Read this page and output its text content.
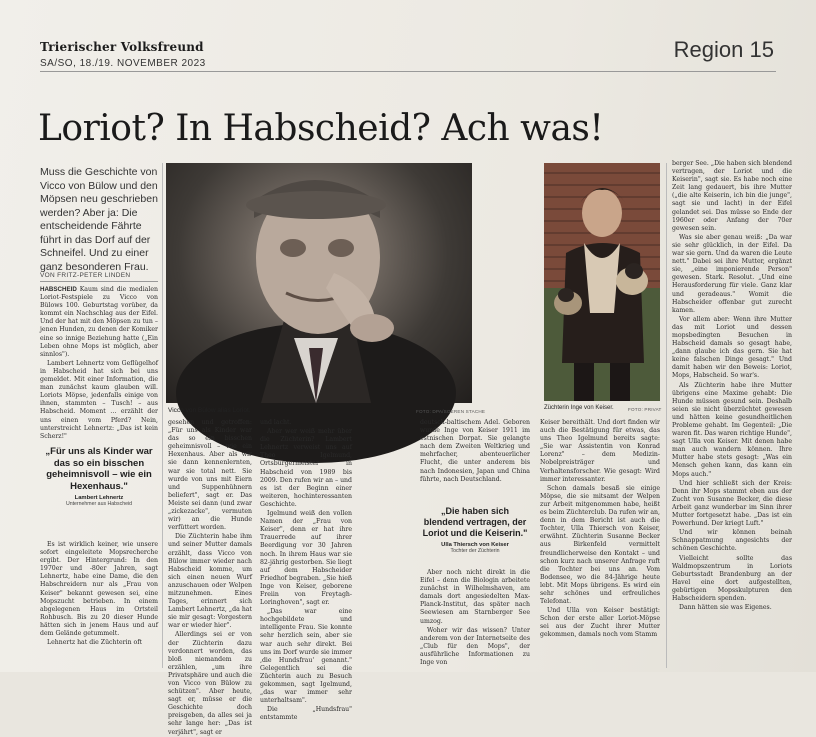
Trierischer Volksfreund
SA/SO, 18./19. NOVEMBER 2023
Region 15
Loriot? In Habscheid? Ach was!
Muss die Geschichte von Vicco von Bülow und den Möpsen neu geschrieben werden? Aber ja: Die entscheidende Fährte führt in das Dorf auf der Schneifel. Und zu einer ganz besonderen Frau.
VON FRITZ-PETER LINDEN

HABSCHEID Kaum sind die medialen Loriot-Festspiele zu Vicco von Bülows 100. Geburtstag vorüber, da kommt ein Nachschlag aus der Eifel. Und der hat mit den Möpsen zu tun – jenen Hunden, zu denen der Komiker eine so innige Beziehung hatte („Ein Leben ohne Mops ist möglich, aber sinnlos").

Lambert Lehnertz vom Geflügelhof in Habscheid hat sich bei uns gemeldet. Mit einer Information, die man zunächst kaum glauben will. Loriots Möpse, jedenfalls einige von ihnen, stammten – Tusch! – aus Habscheid. Moment … erzählt der uns einen vom Pferd? Nein, unterstreicht Lehnertz: „Das ist kein Scherz!"

„Für uns als Kinder war das so ein bisschen geheimnisvoll – wie ein Hexenhaus."
Lambert Lehnertz
Unternehmer aus Habscheid

Es ist wirklich keiner, wie unsere sofort eingeleitete Mopsrecherche ergibt. Der Hintergrund: In den 1970er und -80er Jahren, sagt Lehnertz, habe eine Dame, die den Habschreidern nur als „Frau von Keiser" bekannt gewesen sei, eine Mopszucht betrieben. In einem abgelegenen Haus im Ortsteil Rohbusch. Bis zu 20 dieser Hunde hätten sich in jenem Haus und auf dem Gelände getummelt.

Lehnertz hat die Züchterin oft

Vicco von Bülow alias Loriot.	FOTO: DPA/SOEREN STACHE

gesehen und getroffen: „Für uns als Kinder war das so ein bisschen geheimnisvoll – wie ein Hexenhaus. Aber als wir sie dann kennenlernten, war sie total nett. Sie wurde von uns mit Eiern und Suppenhühnern beliefert", sagt er. Das Meiste sei dann (und zwar „zickezacke", vermuten wir) an die Hunde verfüttert worden.

Die Züchterin habe ihm und seiner Mutter damals erzählt, dass Vicco von Bülow immer wieder nach Habscheid komme, um sich einen neuen Wurf anzuschauen oder Welpen mitzunehmen. Eines Tages, erinnert sich Lambert Lehnertz, „da hat sie mir gesagt: Vorgestern war er wieder hier".

Allerdings sei er von der Züchterin dazu verdonnert worden, das bloß niemandem zu erzählen, „um ihre Privatsphäre und auch die von Vicco von Bülow zu schützen". Aber heute, sagt er, müsse er die Geschichte doch preisgeben, da alles sei ja sehr lange her: „Das ist verjährt", sagt er

und lacht.

Aber wer weiß mehr über die Züchterin? Lambert Lehnertz verweist uns auf Theo Igelmund, Ortsbürgermeister in Habscheid von 1989 bis 2009. Den rufen wir an – und es ist der Beginn einer weiteren, hochinteressanten Geschichte.

Igelmund weiß den vollen Namen der „Frau von Keiser", denn er hat ihre Trauerrede auf ihrer Beerdigung vor 30 Jahren noch. In ihrem Haus war sie 82-jährig gestorben. Sie liegt auf dem Habscheider Friedhof begraben. „Sie hieß Inge von Keiser, geborene Freiin von Freytagh-Loringhoven", sagt er.

„Das war eine hochgebildete und intelligente Frau. Sie konnte sehr herzlich sein, aber sie war auch sehr direkt. Bei uns im Dorf wurde sie immer ‚die Hundsfrau' genannt." Gelegentlich sei die Züchterin auch zu Besuch gekommen, sagt Igelmund, „das war immer sehr unterhaltsam".

Die „Hundsfrau" entstammte

deutsch-baltischem Adel. Geboren wurde Inge von Keiser 1911 im estnischen Dorpat. Sie gelangte nach dem Zweiten Weltkrieg und mehrfacher, abenteuerlicher Flucht, die unter anderem bis nach Indonesien, Japan und China führte, nach Deutschland.

„Die haben sich blendend vertragen, der Loriot und die Keiserin."
Ulla Thiersch von Keiser
Tochter der Züchterin

Aber noch nicht direkt in die Eifel – denn die Biologin arbeitete zunächst in Wilhelmshaven, am damals dort angesiedelten Max-Planck-Institut, das später nach Seewiesen am Starnberger See umzog.

Woher wir das wissen? Unter anderem von der Internetseite des „Club für den Mops", der ausführliche Informationen zu Inge von

Züchterin Inge von Keiser.	FOTO: PRIVAT

Keiser bereithält. Und dort finden wir auch die Bestätigung für etwas, das uns Theo Igelmund bereits sagte: „Sie war Assistentin von Konrad Lorenz" – dem Medizin-Nobelpreisträger und Verhaltensforscher. Wie gesagt: Wird immer interessanter.

Schon damals besaß sie einige Möpse, die sie mitsamt der Welpen zur Arbeit mitgenommen habe, heißt es beim Züchterclub. Da rufen wir an, denn in dem Bericht ist auch die Tochter, Ulla Thiersch von Keiser, erwähnt. Züchterin Susanne Becker aus Birkenfeld vermittelt freundlicherweise den Kontakt – und schon kurz nach unserer Anfrage ruft die Tochter bei uns an. Vom Bodensee, wo die 84-Jährige heute lebt. Mit Mops übrigens. Es wird ein sehr schönes und erfreuliches Telefonat.

Und Ulla von Keiser bestätigt: Schon der erste aller Loriot-Möpse sei aus der Zucht ihrer Mutter gekommen, damals noch vom Stamm

berger See. „Die haben sich blendend vertragen, der Loriot und die Keiserin", sagt sie. Es habe noch eine Zeit lang gedauert, bis ihre Mutter („die alte Keiserin, ich bin die junge", sagt sie und lacht) in der Eifel gelandet sei. Das müsse so Ende der 1960er oder Anfang der 70er gewesen sein.

Was sie aber genau weiß: „Da war sie sehr glücklich, in der Eifel. Da war sie gern. Und da waren die Leute nett." Dabei sei ihre Mutter, ergänzt sie, „eine imponierende Person" gewesen. Stark. Resolut. „Und eine Herausforderung für viele. Ganz klar und geradeaus." Womit die Habscheider offenbar gut zurecht kamen.

Vor allem aber: Wenn ihre Mutter das mit Loriot und dessen mopsbedingten Besuchen in Habscheid damals so gesagt habe, „dann glaube ich das gern. Sie hat keine falschen Dinge gesagt." Und damit haben wir den Beweis: Loriot, Mops, Habscheid. So war's.

Als Züchterin habe ihre Mutter übrigens eine Maxime gehabt: Die Hunde müssen gesund sein. Deshalb seien sie nicht überzüchtet gewesen und hätten keine gesundheitlichen Probleme gehabt. Im Gegenteil: „Die waren fit. Das waren richtige Hunde", sagt Ulla von Keiser. Mit denen habe man auch wandern können. Ihre Mutter habe stets gesagt: „Was ein Mensch gehen kann, das kann ein Mops auch."

Und hier schließt sich der Kreis: Denn ihr Mops stammt eben aus der Zucht von Susanne Becker, die diese Arbeit ganz wunderbar im Sinn ihrer Mutter fortgesetzt habe. „Das ist ein Powerhund. Der kriegt Luft."

Und wir können beinah Schnappatmung angesichts der schönen Geschichte.

Vielleicht sollte das Waldmopszentrum in Loriots Geburtsstadt Brandenburg an der Havel eine dort aufgestellten, gebürtigen Mopsskulpturen den Habscheidern spenden.

Dann hätten sie was Eigenes.
